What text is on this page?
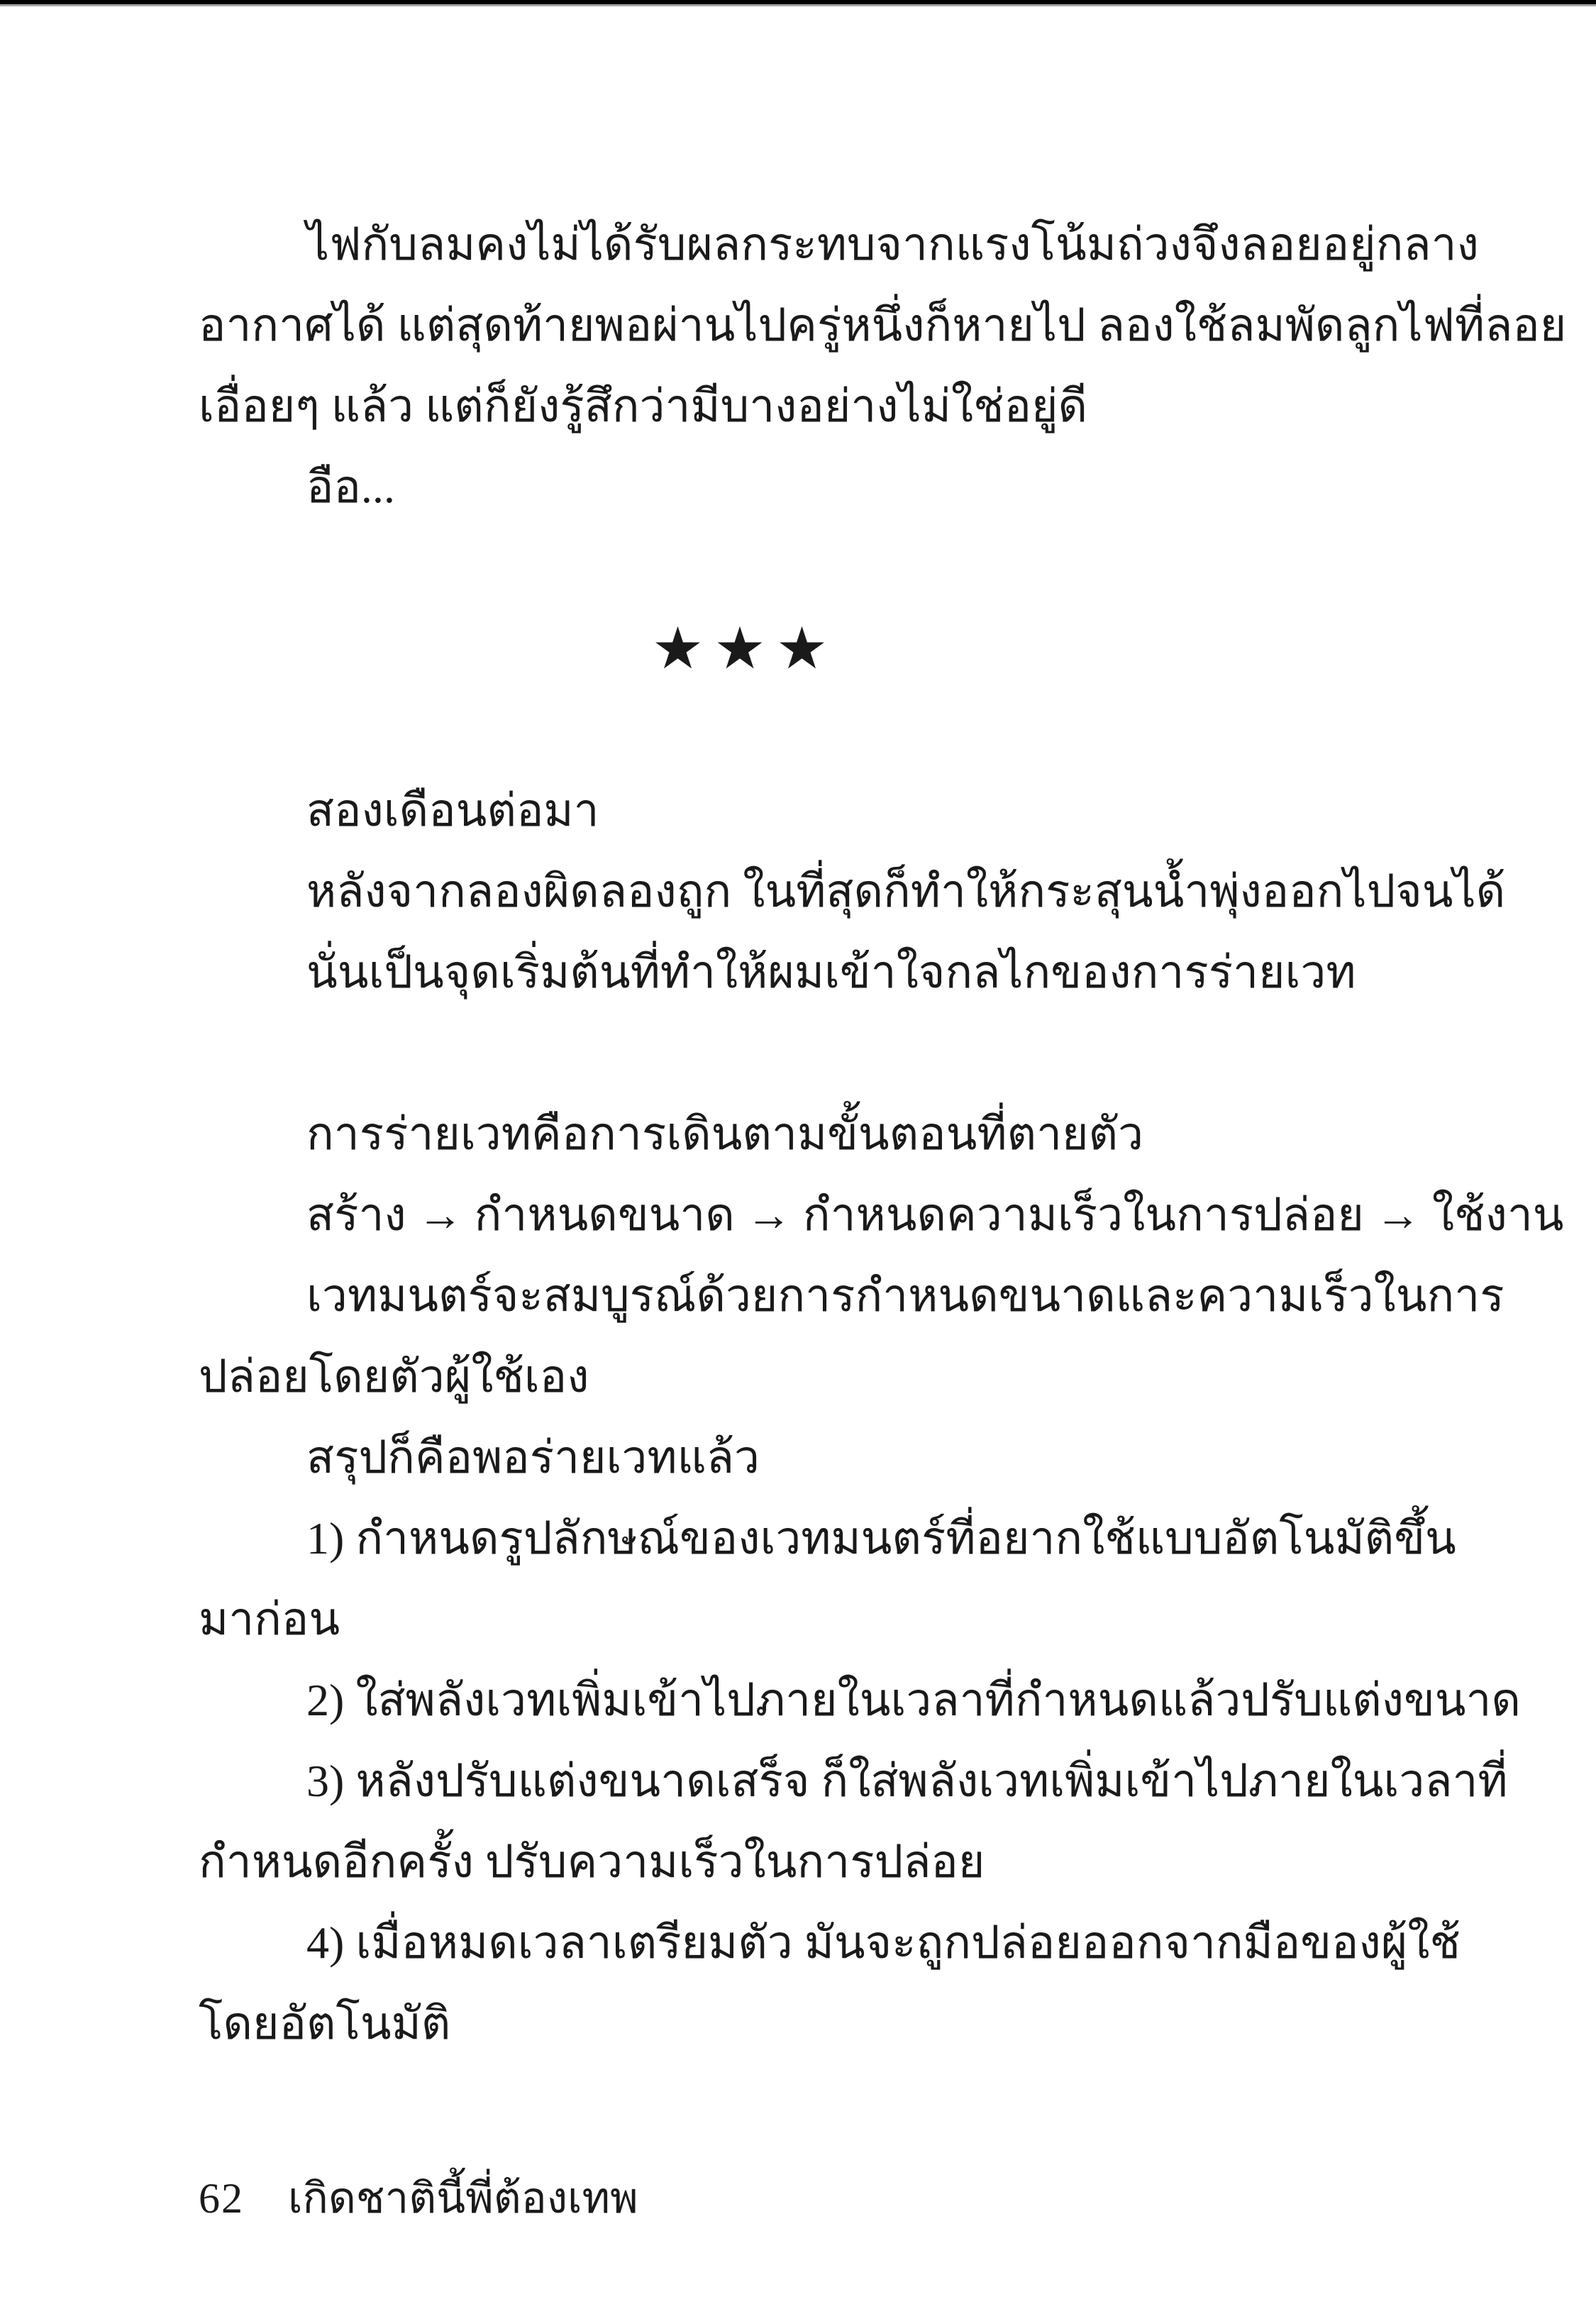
ไฟกับลมคงไม่ได้รับผลกระทบจากแรงโน้มถ่วงจึงลอยอยู่กลาง
อากาศได้ แต่สุดท้ายพอผ่านไปครู่หนึ่งก็หายไป ลองใช้ลมพัดลูกไฟที่ลอย
เอื่อยๆ แล้ว แต่ก็ยังรู้สึกว่ามีบางอย่างไม่ใช่อยู่ดี
อือ...
★★★
สองเดือนต่อมา
หลังจากลองผิดลองถูก ในที่สุดก็ทำให้กระสุนน้ำพุ่งออกไปจนได้
นั่นเป็นจุดเริ่มต้นที่ทำให้ผมเข้าใจกลไกของการร่ายเวท
การร่ายเวทคือการเดินตามขั้นตอนที่ตายตัว
สร้าง → กำหนดขนาด → กำหนดความเร็วในการปล่อย → ใช้งาน
เวทมนตร์จะสมบูรณ์ด้วยการกำหนดขนาดและความเร็วในการ
ปล่อยโดยตัวผู้ใช้เอง
สรุปก็คือพอร่ายเวทแล้ว
1) กำหนดรูปลักษณ์ของเวทมนตร์ที่อยากใช้แบบอัตโนมัติขึ้น
มาก่อน
2) ใส่พลังเวทเพิ่มเข้าไปภายในเวลาที่กำหนดแล้วปรับแต่งขนาด
3) หลังปรับแต่งขนาดเสร็จ ก็ใส่พลังเวทเพิ่มเข้าไปภายในเวลาที่
กำหนดอีกครั้ง ปรับความเร็วในการปล่อย
4) เมื่อหมดเวลาเตรียมตัว มันจะถูกปล่อยออกจากมือของผู้ใช้
โดยอัตโนมัติ
62 เกิดชาตินี้พี่ต้องเทพ
